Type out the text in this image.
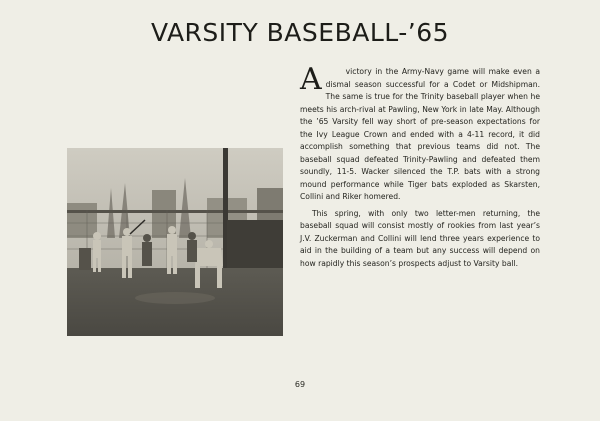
VARSITY BASEBALL-’65

A	victory in the Army-Navy game will make even a dismal season successful for a Codet or Midshipman. The same is true for the Trinity baseball player when he meets his arch-rival at Pawling, New York in late May. Although the ’65 Varsity fell way short of pre-season expectations for the Ivy League Crown and ended with a 4-11 record, it did accomplish something that previous teams did not. The baseball squad defeated Trinity-Pawling and defeated them soundly, 11-5. Wacker silenced the T.P. bats with a strong mound performance while Tiger bats exploded as Skarsten, Collini and Riker homered.

This spring, with only two letter-men returning, the baseball squad will consist mostly of rookies from last year’s J.V. Zuckerman and Collini will lend three years experience to aid in the building of a team but any success will depend on how rapidly this season’s prospects adjust to Varsity ball.

69
